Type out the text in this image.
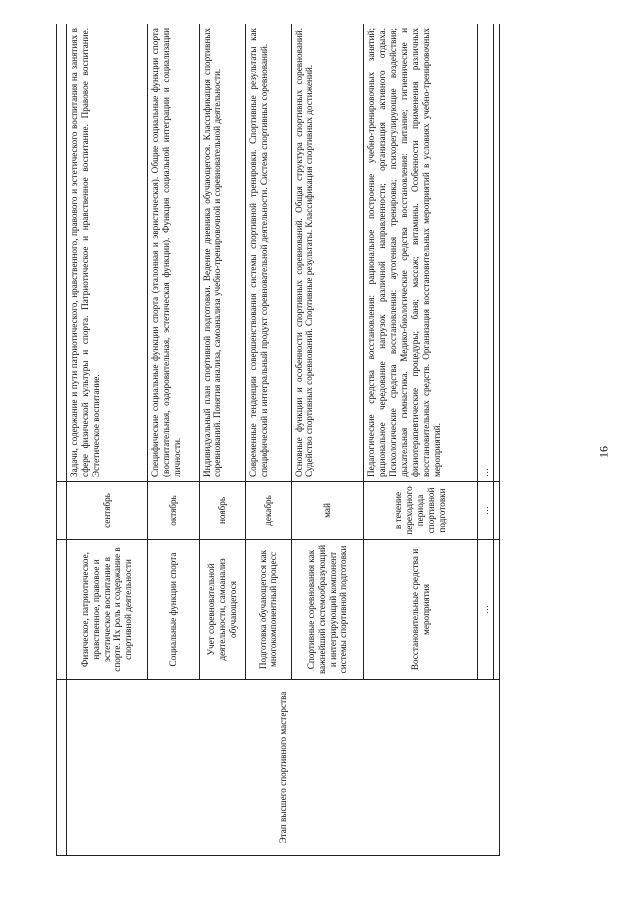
16

Этап высшего спортивного мастерства	Физическое, патриотическое, нравственное, правовое и эстетическое воспитание в спорте. Их роль и содержание в спортивной деятельности	сентябрь	Задачи, содержание и пути патриотического, нравственного, правового и эстетического воспитания на занятиях в сфере физической культуры и спорта. Патриотическое и нравственное воспитание. Правовое воспитание. Эстетическое воспитание.
	Социальные функции спорта	октябрь	Специфические социальные функции спорта (эталонная и эвристическая). Общие социальные функции спорта (воспитательная, оздоровительная, эстетическая функции). Функция социальной интеграции и социализации личности.
	Учет соревновательной деятельности, самоанализ обучающегося	ноябрь	Индивидуальный план спортивной подготовки. Ведение дневника обучающегося. Классификация спортивных соревнований. Понятия анализа, самоанализа учебно-тренировочной и соревновательной деятельности.
	Подготовка обучающегося как многокомпонентный процесс	декабрь	Современные тенденции совершенствования системы спортивной тренировки. Спортивные результаты как специфический и интегральный продукт соревновательной деятельности. Система спортивных соревнований.
	Спортивные соревнования как важнейший системообразующий и интегрирующий компонент системы спортивной подготовки	май	Основные функции и особенности спортивных соревнований. Общая структура спортивных соревнований. Судейство спортивных соревнований. Спортивные результаты. Классификация спортивных достижений.
	Восстановительные средства и мероприятия	в течение переходного периода спортивной подготовки	Педагогические средства восстановления: рациональное построение учебно-тренировочных занятий; рациональное чередование нагрузок различной направленности; организация активного отдыха. Психологические средства восстановления: аутогенная тренировка; психорегулирующие воздействия; дыхательная гимнастика. Медико-биологические средства восстановления: питание; гигиенические и физиотерапевтические процедуры; баня; массаж; витамины. Особенности применения различных восстановительных средств. Организация восстановительных мероприятий в условиях учебно-тренировочных мероприятий.
	…	…	…
